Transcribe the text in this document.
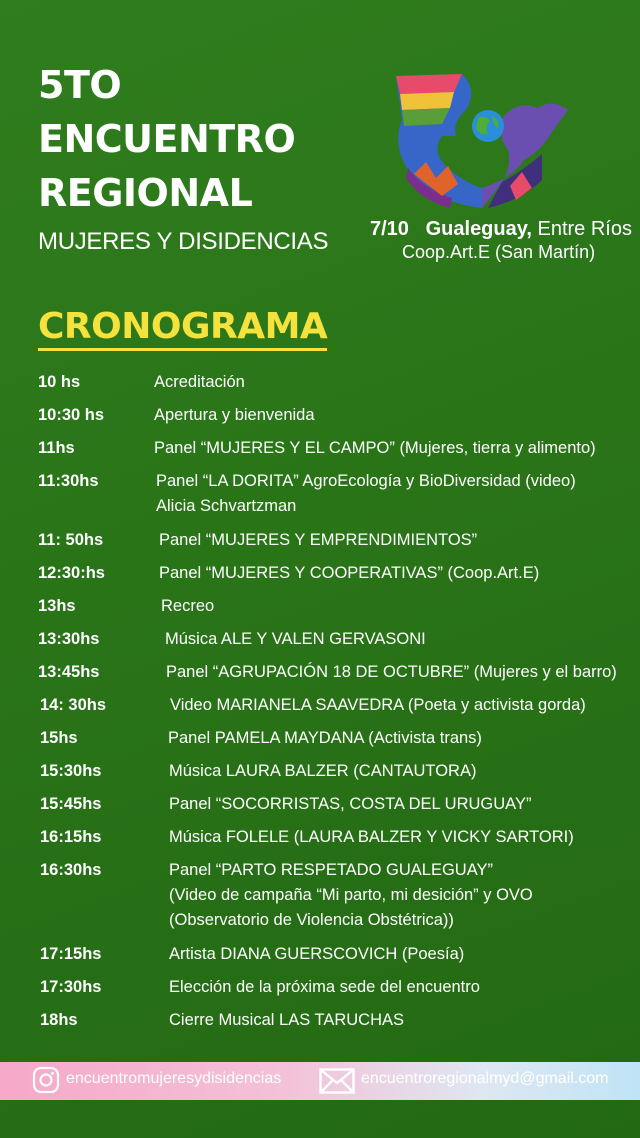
5TO
ENCUENTRO
REGIONAL
MUJERES Y DISIDENCIAS 7/10 Gualeguay, Entre Ríos
Coop.Art.E (San Martín)
CRONOGRAMA
10 hs	Acreditación
10:30 hs	Apertura y bienvenida
11hs	Panel “MUJERES Y EL CAMPO” (Mujeres, tierra y alimento)
11:30hs	Panel “LA DORITA” AgroEcología y BioDiversidad (video)
Alicia Schvartzman
11: 50hs	Panel “MUJERES Y EMPRENDIMIENTOS”
12:30:hs	Panel “MUJERES Y COOPERATIVAS” (Coop.Art.E)
13hs	Recreo
13:30hs	Música ALE Y VALEN GERVASONI
13:45hs	Panel “AGRUPACIÓN 18 DE OCTUBRE” (Mujeres y el barro)
14: 30hs	Video MARIANELA SAAVEDRA (Poeta y activista gorda)
15hs	Panel PAMELA MAYDANA (Activista trans)
15:30hs	Música LAURA BALZER (CANTAUTORA)
15:45hs	Panel “SOCORRISTAS, COSTA DEL URUGUAY”
16:15hs	Música FOLELE (LAURA BALZER Y VICKY SARTORI)
16:30hs	Panel “PARTO RESPETADO GUALEGUAY”
(Video de campaña “Mi parto, mi desición” y OVO
(Observatorio de Violencia Obstétrica))
17:15hs	Artista DIANA GUERSCOVICH (Poesía)
17:30hs	Elección de la próxima sede del encuentro
18hs	Cierre Musical LAS TARUCHAS
encuentromujeresydisidencias	encuentroregionalmyd@gmail.com
